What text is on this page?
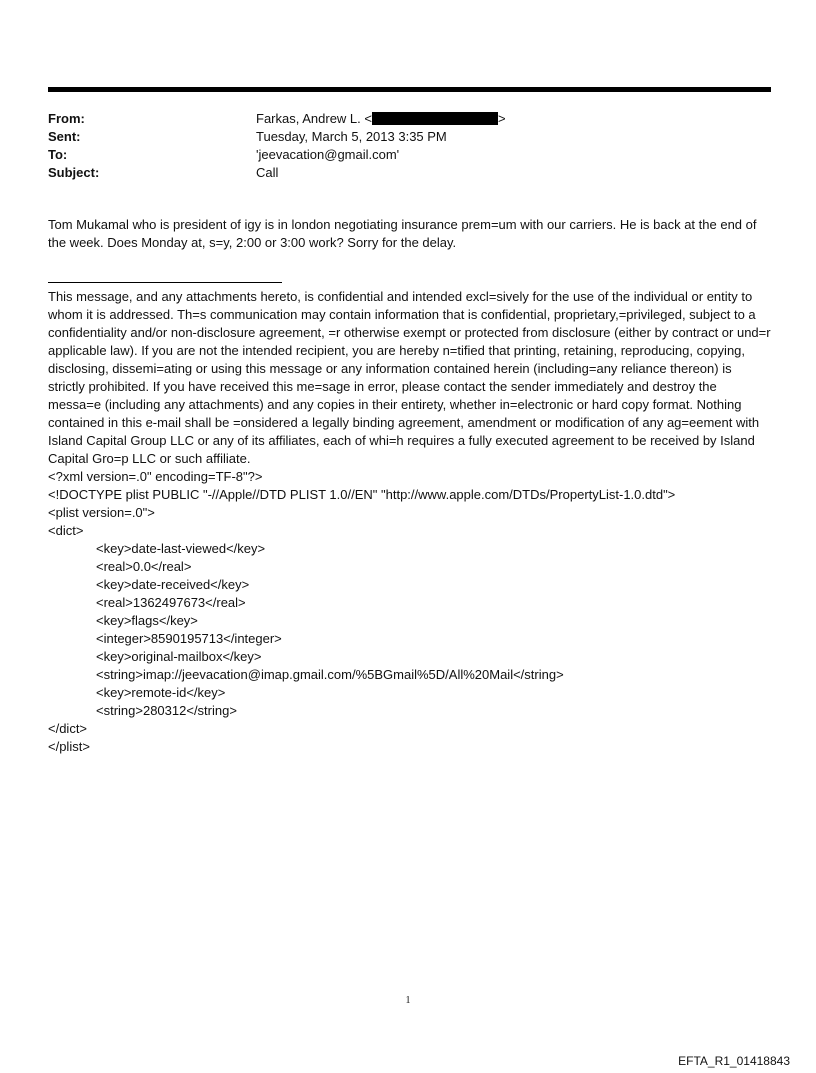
From:	Farkas, Andrew L. <	>
Sent:	Tuesday, March 5, 2013 3:35 PM
To:	'jeevacation@gmail.com'
Subject:	Call

Tom Mukamal who is president of igy is in london negotiating insurance prem=um with our carriers. He is back at the end of the week. Does Monday at, s=y, 2:00 or 3:00 work? Sorry for the delay.

This message, and any attachments hereto, is confidential and intended excl=sively for the use of the individual or entity to whom it is addressed. Th=s communication may contain information that is confidential, proprietary,=privileged, subject to a confidentiality and/or non-disclosure agreement, =r otherwise exempt or protected from disclosure (either by contract or und=r applicable law). If you are not the intended recipient, you are hereby n=tified that printing, retaining, reproducing, copying, disclosing, dissemi=ating or using this message or any information contained herein (including=any reliance thereon) is strictly prohibited. If you have received this me=sage in error, please contact the sender immediately and destroy the messa=e (including any attachments) and any copies in their entirety, whether in=electronic or hard copy format. Nothing contained in this e-mail shall be =onsidered a legally binding agreement, amendment or modification of any ag=eement with Island Capital Group LLC or any of its affiliates, each of whi=h requires a fully executed agreement to be received by Island Capital Gro=p LLC or such affiliate.

<?xml version=.0" encoding=TF-8"?>
<!DOCTYPE plist PUBLIC "-//Apple//DTD PLIST 1.0//EN" "http://www.apple.com/DTDs/PropertyList-1.0.dtd">
<plist version=.0">
<dict>
<key>date-last-viewed</key>
<real>0.0</real>
<key>date-received</key>
<real>1362497673</real>
<key>flags</key>
<integer>8590195713</integer>
<key>original-mailbox</key>
<string>imap://jeevacation@imap.gmail.com/%5BGmail%5D/All%20Mail</string>
<key>remote-id</key>
<string>280312</string>
</dict>
</plist>
1
EFTA_R1_01418843
